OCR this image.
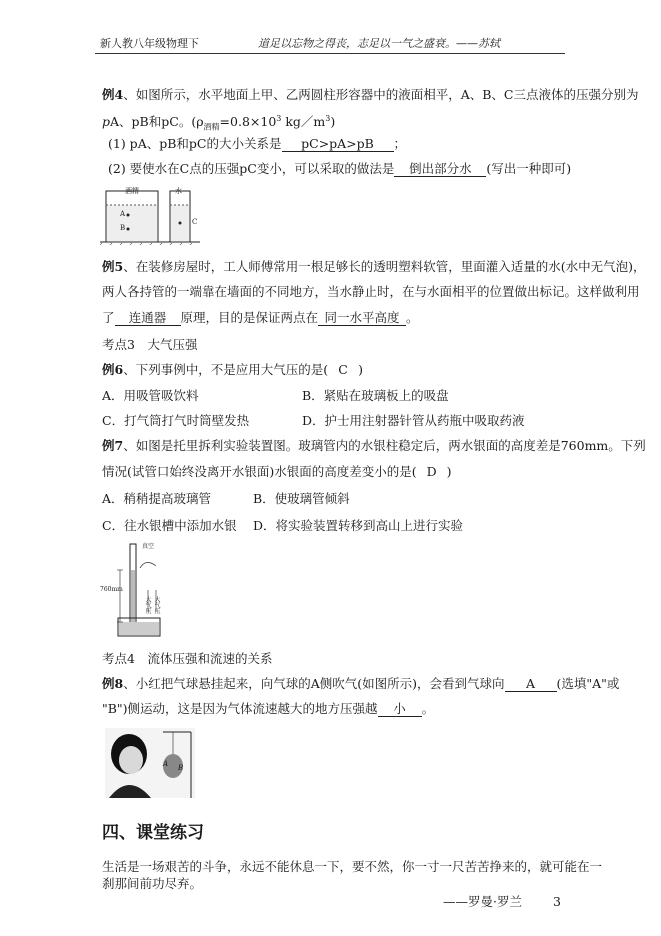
新人教八年级物理下	道足以忘物之得丧，志足以一气之盛衰。——苏轼
例4、如图所示，水平地面上甲、乙两圆柱形容器中的液面相平，A、B、C三点液体的压强分别为
pA、pB和pC。($\rho_{酒精}=0.8\times 10^3$ $kg/m^3$)
(1) pA、pB和pC的大小关系是 pC>pA>pB ；
(2) 要使水在C点的压强pC变小，可以采取的做法是 倒出部分水 (写出一种即可)
酒精	水
A
B
C
例5、在装修房屋时，工人师傅常用一根足够长的透明塑料软管，里面灌入适量的水(水中无气泡)，
两人各持管的一端靠在墙面的不同地方，当水静止时，在与水面相平的位置做出标记。这样做利用
了 连通器 原理，目的是保证两点在 同一水平高度 。
考点3　大气压强
例6、下列事例中，不是应用大气压的是( C )
A．用吸管吸饮料	B．紧贴在玻璃板上的吸盘
C．打气筒打气时筒壁发热	D．护士用注射器针管从药瓶中吸取药液
例7、如图是托里拆利实验装置图。玻璃管内的水银柱稳定后，两水银面的高度差是760mm。下列
情况(试管口始终没离开水银面)水银面的高度差变小的是( D )
A．稍稍提高玻璃管	B．使玻璃管倾斜
C．往水银槽中添加水银 D．将实验装置转移到高山上进行实验
真空
760mm
大气压 大气压
考点4　流体压强和流速的关系
例8、小红把气球悬挂起来，向气球的A侧吹气(如图所示)，会看到气球向 A (选填"A"或
"B")侧运动，这是因为气体流速越大的地方压强越 小 。
A B
四、课堂练习
生活是一场艰苦的斗争，永远不能休息一下，要不然，你一寸一尺苦苦挣来的，就可能在一
刹那间前功尽弃。
——罗曼·罗兰 3
